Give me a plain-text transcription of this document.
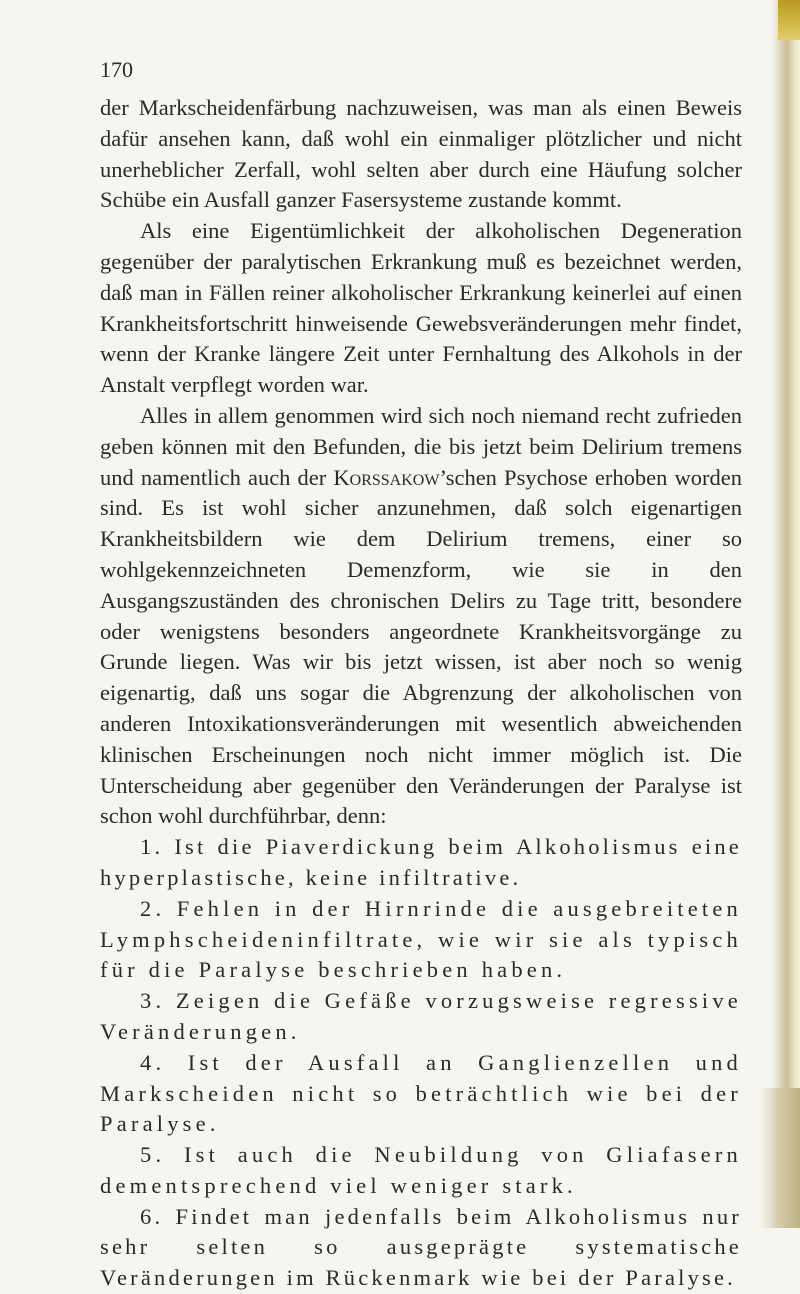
170

der Markscheidenfärbung nachzuweisen, was man als einen Beweis dafür ansehen kann, daß wohl ein einmaliger plötzlicher und nicht unerheblicher Zerfall, wohl selten aber durch eine Häufung solcher Schübe ein Ausfall ganzer Fasersysteme zustande kommt.

Als eine Eigentümlichkeit der alkoholischen Degeneration gegenüber der paralytischen Erkrankung muß es bezeichnet werden, daß man in Fällen reiner alkoholischer Erkrankung keinerlei auf einen Krankheitsfortschritt hinweisende Gewebsveränderungen mehr findet, wenn der Kranke längere Zeit unter Fernhaltung des Alkohols in der Anstalt verpflegt worden war.

Alles in allem genommen wird sich noch niemand recht zufrieden geben können mit den Befunden, die bis jetzt beim Delirium tremens und namentlich auch der Korssakow’schen Psychose erhoben worden sind. Es ist wohl sicher anzunehmen, daß solch eigenartigen Krankheitsbildern wie dem Delirium tremens, einer so wohlgekennzeichneten Demenzform, wie sie in den Ausgangszuständen des chronischen Delirs zu Tage tritt, besondere oder wenigstens besonders angeordnete Krankheitsvorgänge zu Grunde liegen. Was wir bis jetzt wissen, ist aber noch so wenig eigenartig, daß uns sogar die Abgrenzung der alkoholischen von anderen Intoxikationsveränderungen mit wesentlich abweichenden klinischen Erscheinungen noch nicht immer möglich ist. Die Unterscheidung aber gegenüber den Veränderungen der Paralyse ist schon wohl durchführbar, denn:

1. Ist die Piaverdickung beim Alkoholismus eine hyperplastische, keine infiltrative.

2. Fehlen in der Hirnrinde die ausgebreiteten Lymphscheideninfiltrate, wie wir sie als typisch für die Paralyse beschrieben haben.

3. Zeigen die Gefäße vorzugsweise regressive Veränderungen.

4. Ist der Ausfall an Ganglienzellen und Markscheiden nicht so beträchtlich wie bei der Paralyse.

5. Ist auch die Neubildung von Gliafasern dementsprechend viel weniger stark.

6. Findet man jedenfalls beim Alkoholismus nur sehr selten so ausgeprägte systematische Veränderungen im Rückenmark wie bei der Paralyse.
